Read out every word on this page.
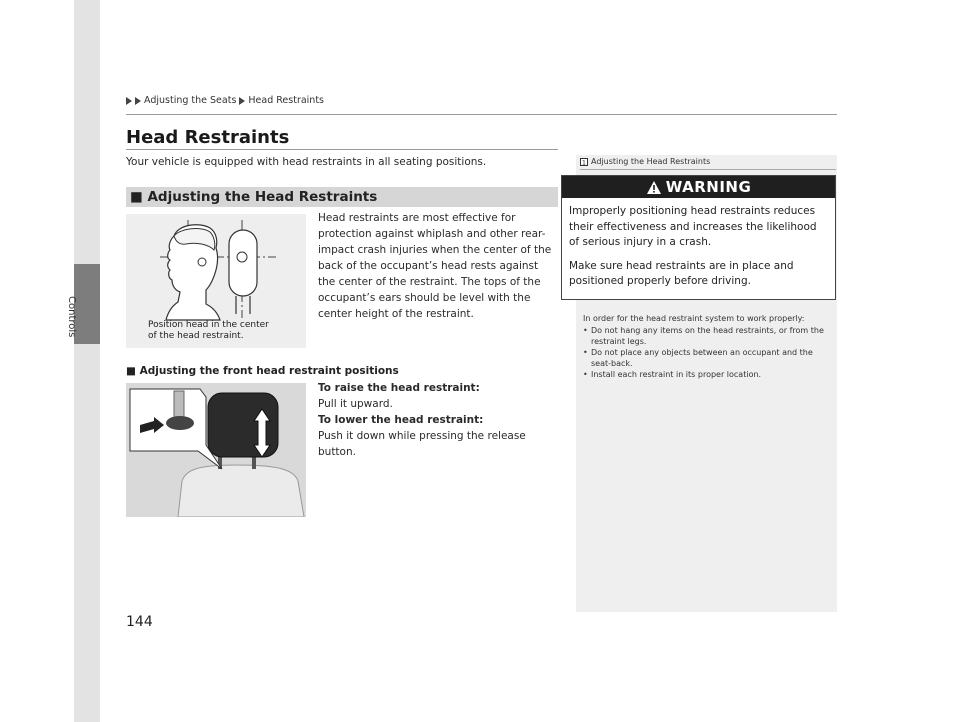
Controls
Adjusting the Seats Head Restraints
Head Restraints
Your vehicle is equipped with head restraints in all seating positions.
■
Adjusting the Head Restraints
Position head in the center
of the head restraint.
Head restraints are most effective for protection against whiplash and other rear-impact crash injuries when the center of the back of the occupant’s head rests against the center of the restraint. The tops of the occupant’s ears should be level with the center height of the restraint.
■ Adjusting the front head restraint positions
To raise the head restraint:
Pull it upward.
To lower the head restraint:
Push it down while pressing the release button.
1 Adjusting the Head Restraints
WARNING

Improperly positioning head restraints reduces their effectiveness and increases the likelihood of serious injury in a crash.

Make sure head restraints are in place and positioned properly before driving.

In order for the head restraint system to work properly:

• Do not hang any items on the head restraints, or from the restraint legs.
• Do not place any objects between an occupant and the seat-back.
• Install each restraint in its proper location.
144
